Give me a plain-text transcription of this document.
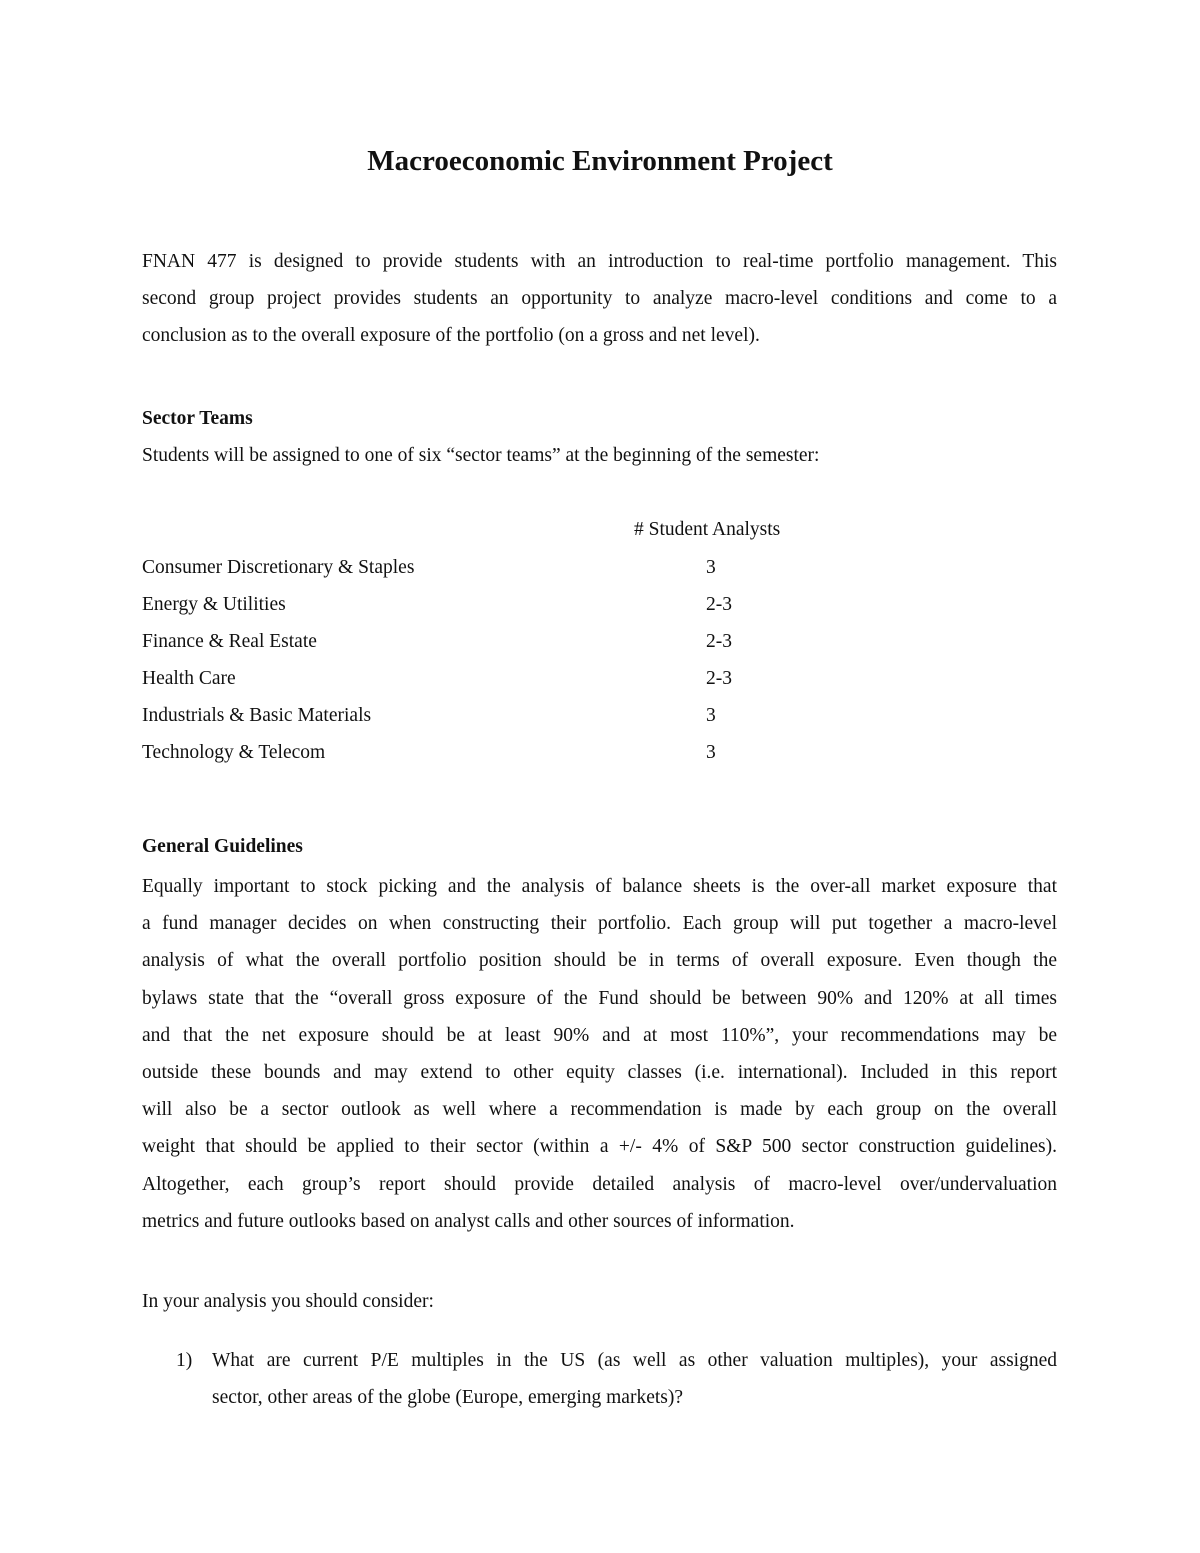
Macroeconomic Environment Project
FNAN 477 is designed to provide students with an introduction to real-time portfolio management. This
second group project provides students an opportunity to analyze macro-level conditions and come to a
conclusion as to the overall exposure of the portfolio (on a gross and net level).
Sector Teams
Students will be assigned to one of six “sector teams” at the beginning of the semester:
# Student Analysts
Consumer Discretionary & Staples	3
Energy & Utilities	2-3
Finance & Real Estate	2-3
Health Care	2-3
Industrials & Basic Materials	3
Technology & Telecom	3
General Guidelines
Equally important to stock picking and the analysis of balance sheets is the over-all market exposure that
a fund manager decides on when constructing their portfolio. Each group will put together a macro-level
analysis of what the overall portfolio position should be in terms of overall exposure. Even though the
bylaws state that the “overall gross exposure of the Fund should be between 90% and 120% at all times
and that the net exposure should be at least 90% and at most 110%”, your recommendations may be
outside these bounds and may extend to other equity classes (i.e. international). Included in this report
will also be a sector outlook as well where a recommendation is made by each group on the overall
weight that should be applied to their sector (within a +/- 4% of S&P 500 sector construction guidelines).
Altogether, each group’s report should provide detailed analysis of macro-level over/undervaluation
metrics and future outlooks based on analyst calls and other sources of information.
In your analysis you should consider:
1) What are current P/E multiples in the US (as well as other valuation multiples), your assigned
sector, other areas of the globe (Europe, emerging markets)?
